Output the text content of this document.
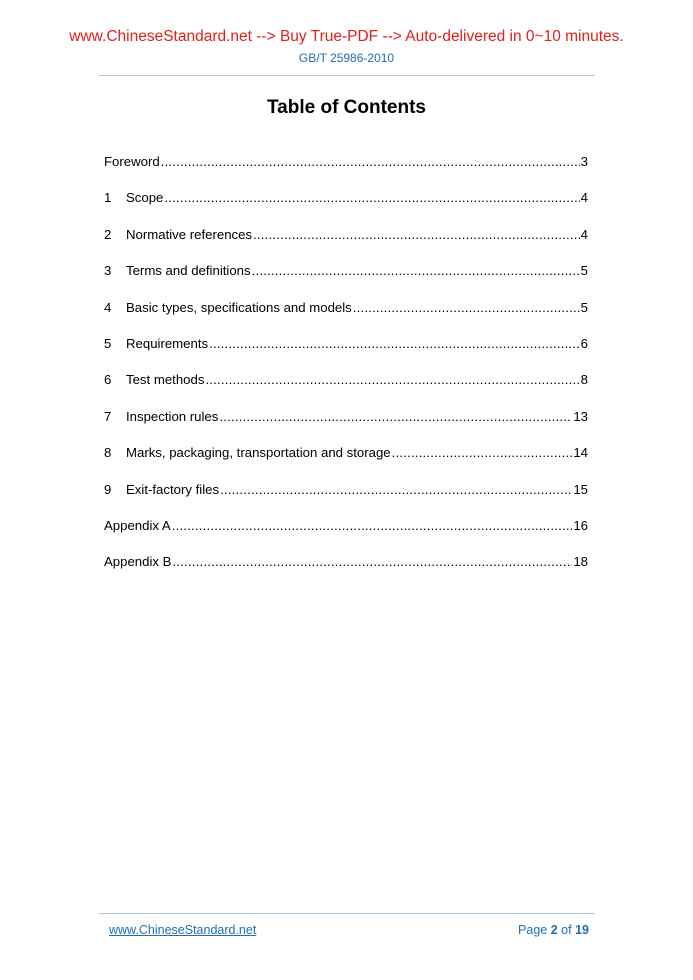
www.ChineseStandard.net --> Buy True-PDF --> Auto-delivered in 0~10 minutes.
GB/T 25986-2010
Table of Contents
Foreword .....	3
1	Scope .....	4
2	Normative references .....	4
3	Terms and definitions .....	5
4	Basic types, specifications and models .....	5
5	Requirements .....	6
6	Test methods .....	8
7	Inspection rules .....	13
8	Marks, packaging, transportation and storage .....	14
9	Exit-factory files .....	15
Appendix A .....	16
Appendix B .....	18
www.ChineseStandard.net	Page 2 of 19
